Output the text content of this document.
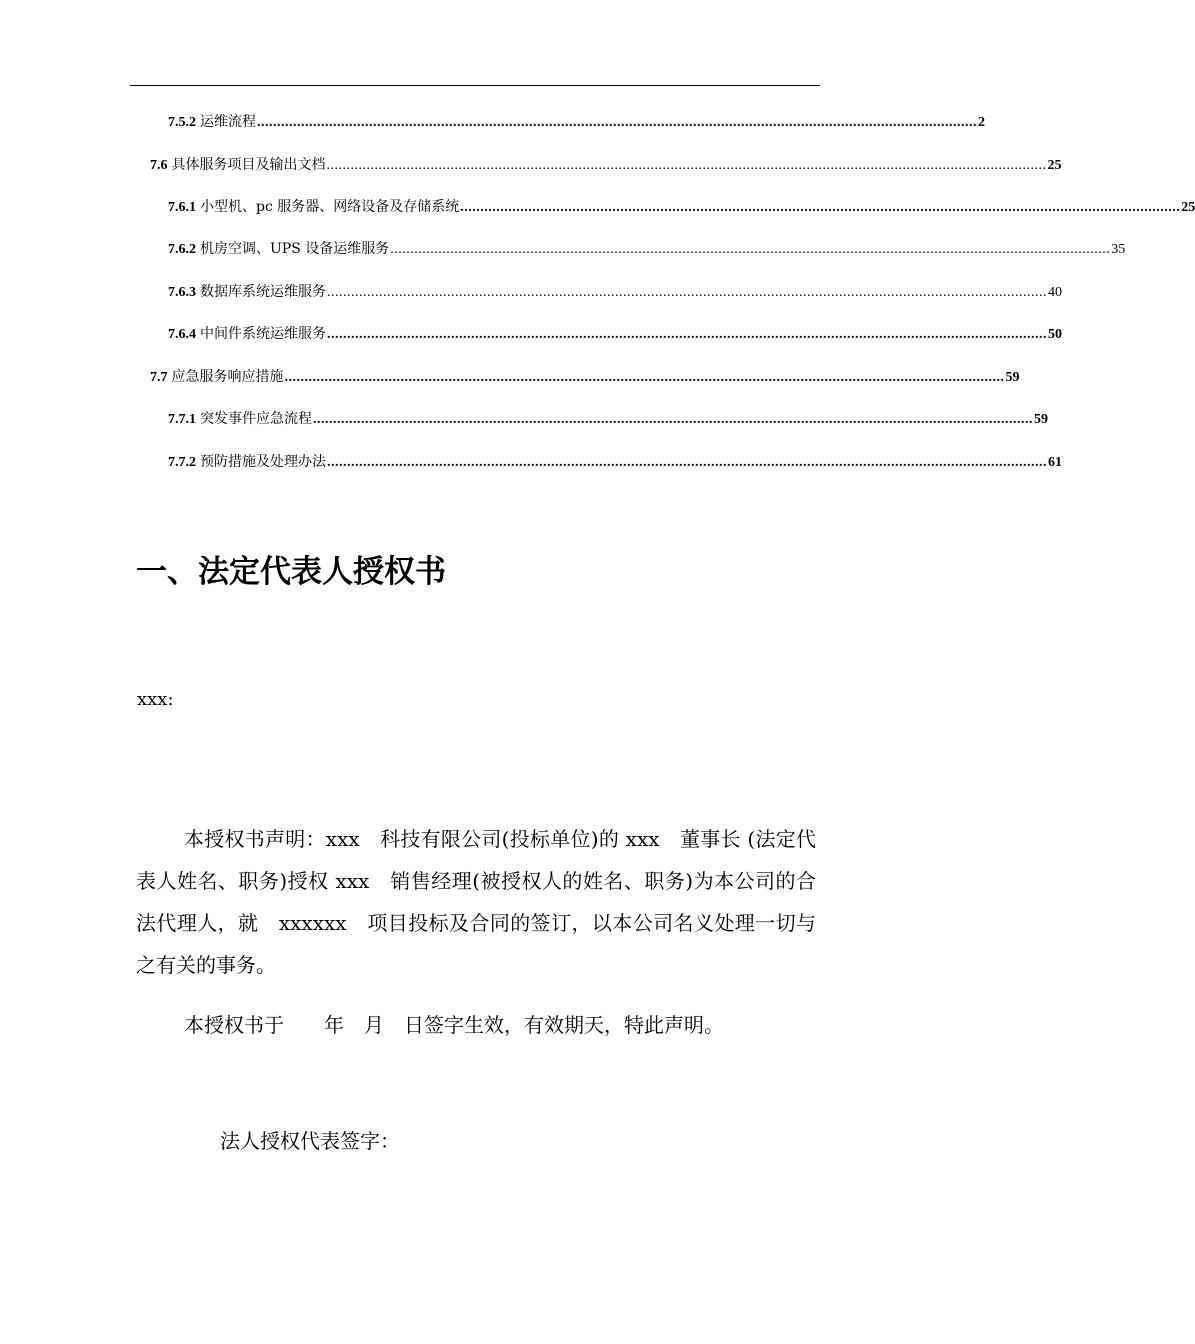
7.5.2 运维流程 .................................................................................................................................................................................... 2
7.6 具体服务项目及输出文档 .................................................................................................................................................................................... 25
7.6.1 小型机、pc 服务器、网络设备及存储系统 .................................................................................................................................................................................... 25
7.6.2 机房空调、UPS 设备运维服务 .................................................................................................................................................................................... 35
7.6.3 数据库系统运维服务 .................................................................................................................................................................................... 40
7.6.4 中间件系统运维服务 .................................................................................................................................................................................... 50
7.7 应急服务响应措施 .................................................................................................................................................................................... 59
7.7.1 突发事件应急流程 .................................................................................................................................................................................... 59
7.7.2 预防措施及处理办法 .................................................................................................................................................................................... 61
一、法定代表人授权书
xxx:
本授权书声明：xxx　科技有限公司(投标单位)的 xxx　董事长 (法定代表人姓名、职务)授权 xxx　销售经理(被授权人的姓名、职务)为本公司的合法代理人，就　xxxxxx　项目投标及合同的签订，以本公司名义处理一切与之有关的事务。
本授权书于　　年　月　日签字生效，有效期天，特此声明。
法人授权代表签字：
